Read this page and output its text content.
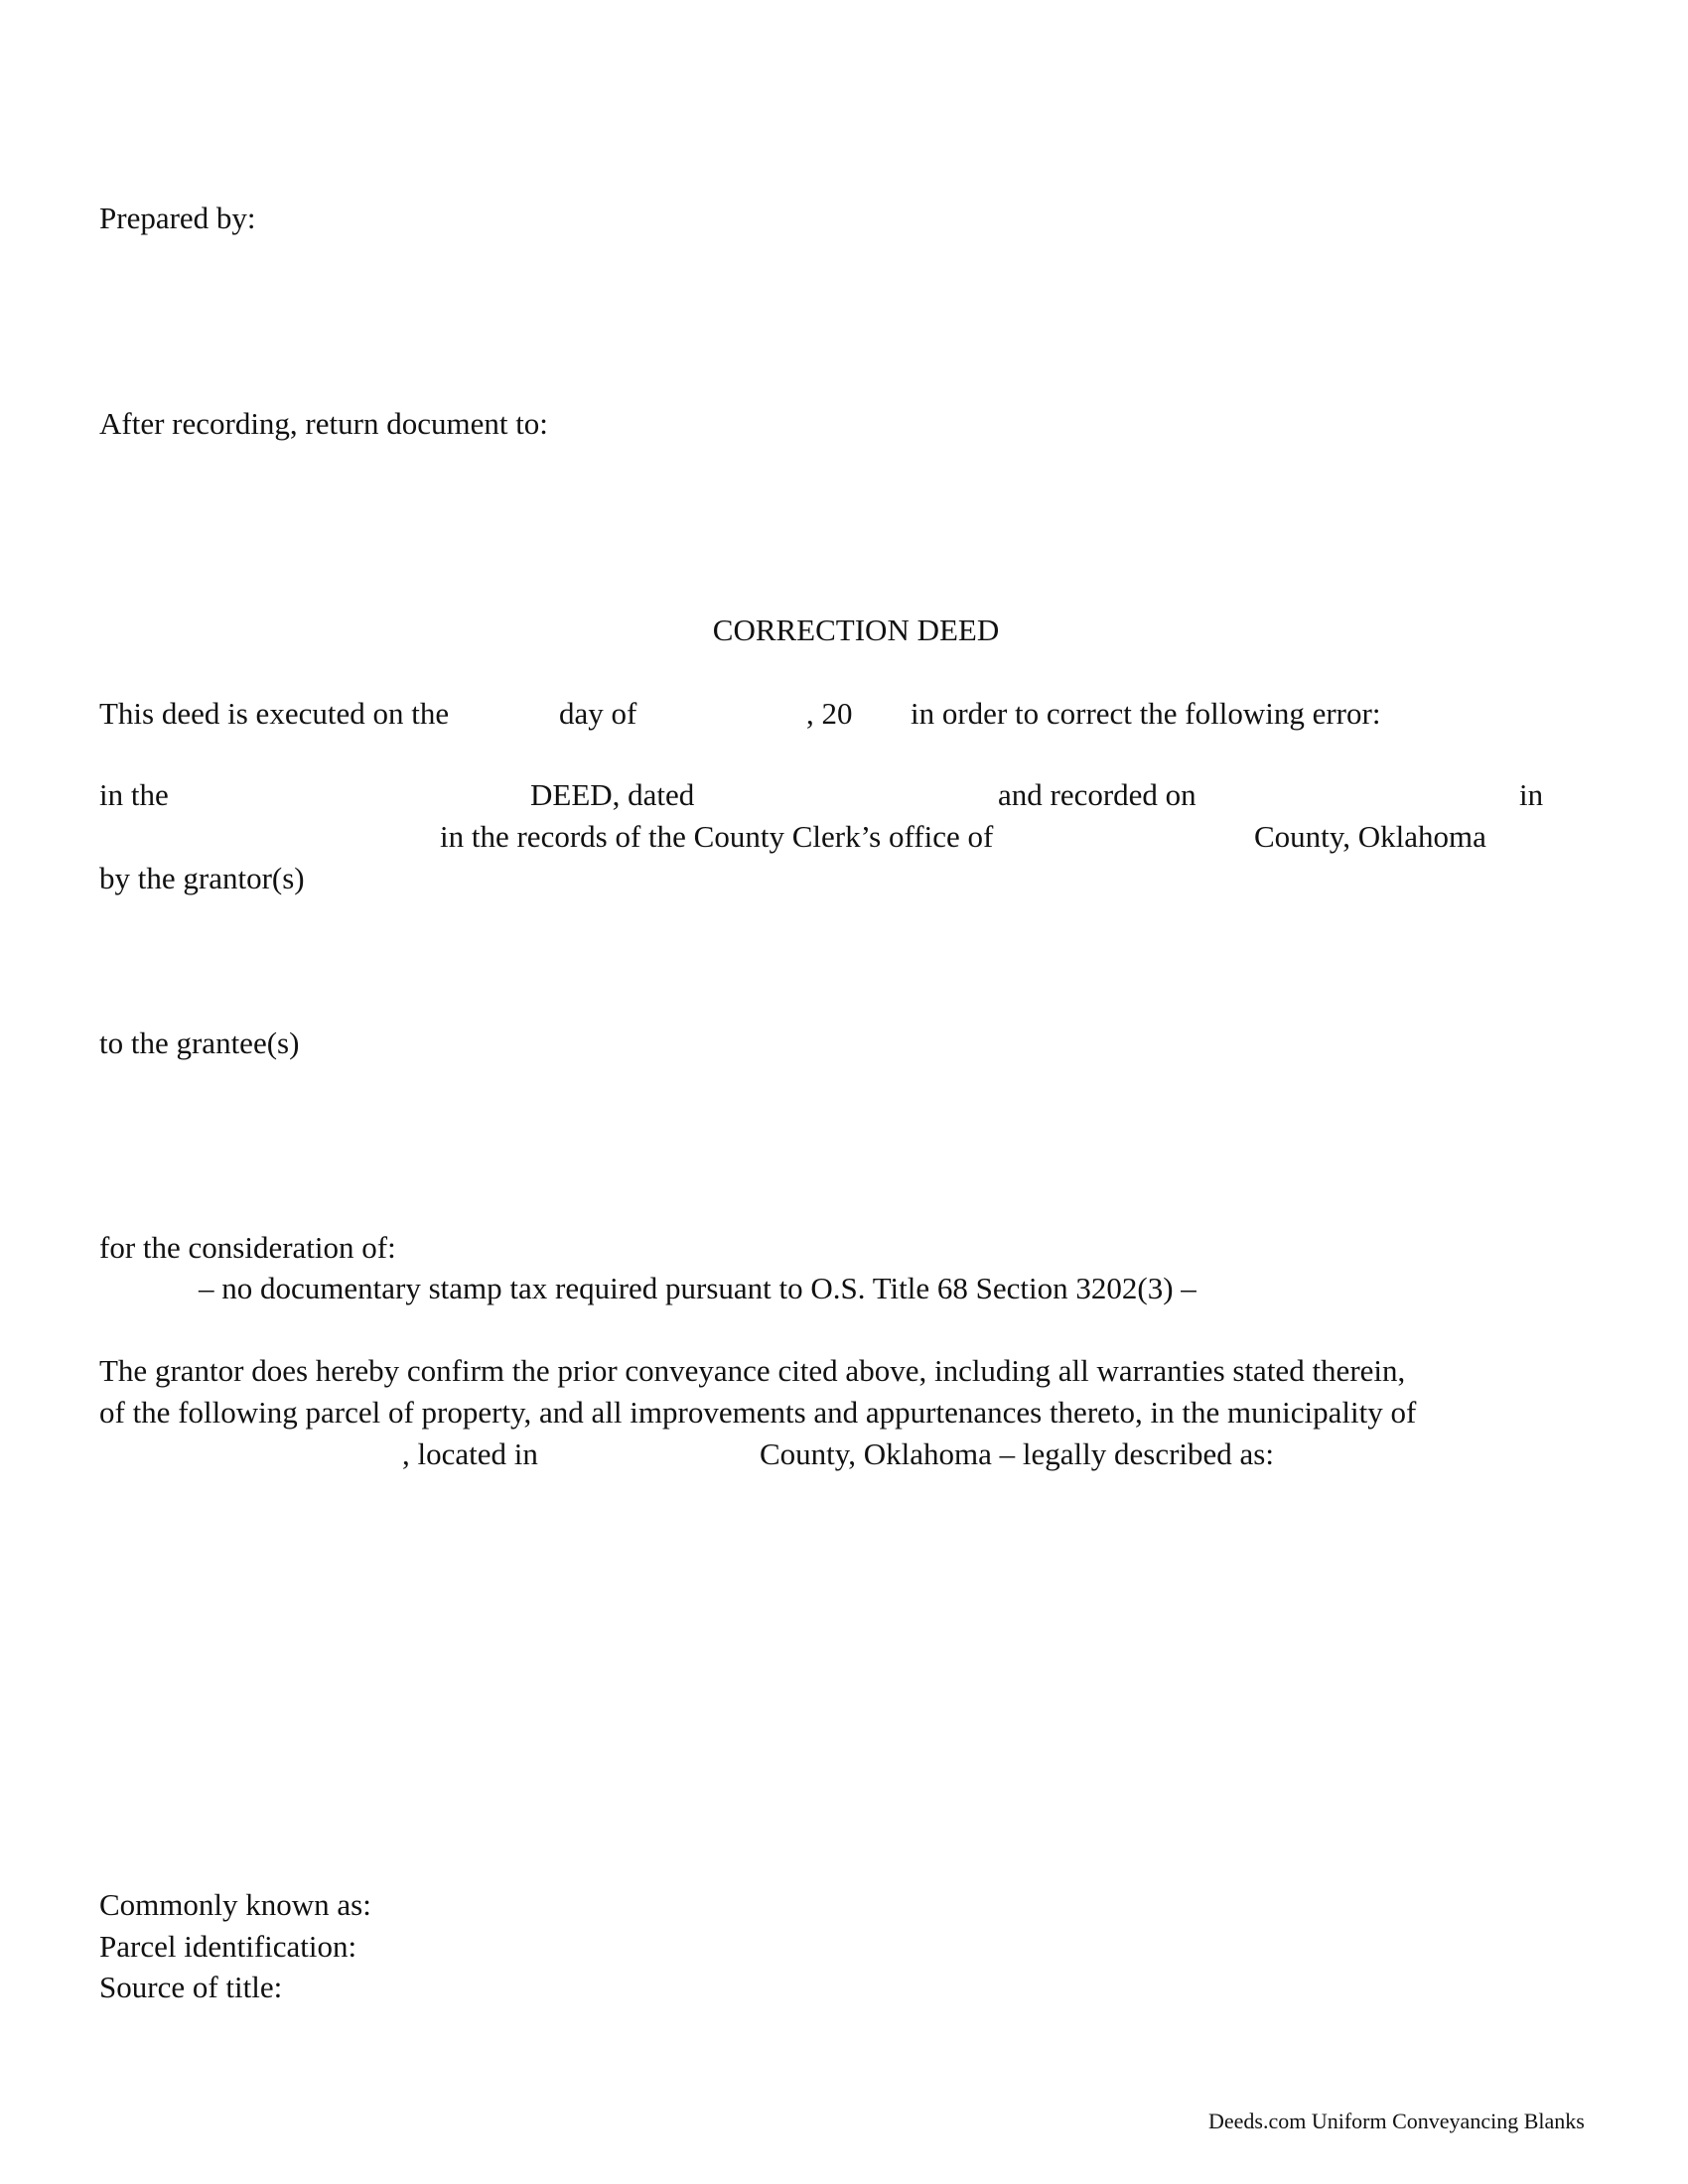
Prepared by:
After recording, return document to:
CORRECTION DEED
This deed is executed on the	day of	, 20 in order to correct the following error:
in the	DEED, dated	and recorded on	in
in the records of the County Clerk’s office of	County, Oklahoma
by the grantor(s)
to the grantee(s)
for the consideration of:
– no documentary stamp tax required pursuant to O.S. Title 68 Section 3202(3) –
The grantor does hereby confirm the prior conveyance cited above, including all warranties stated therein,
of the following parcel of property, and all improvements and appurtenances thereto, in the municipality of
, located in	County, Oklahoma – legally described as:
Commonly known as:
Parcel identification:
Source of title:
Deeds.com Uniform Conveyancing Blanks
